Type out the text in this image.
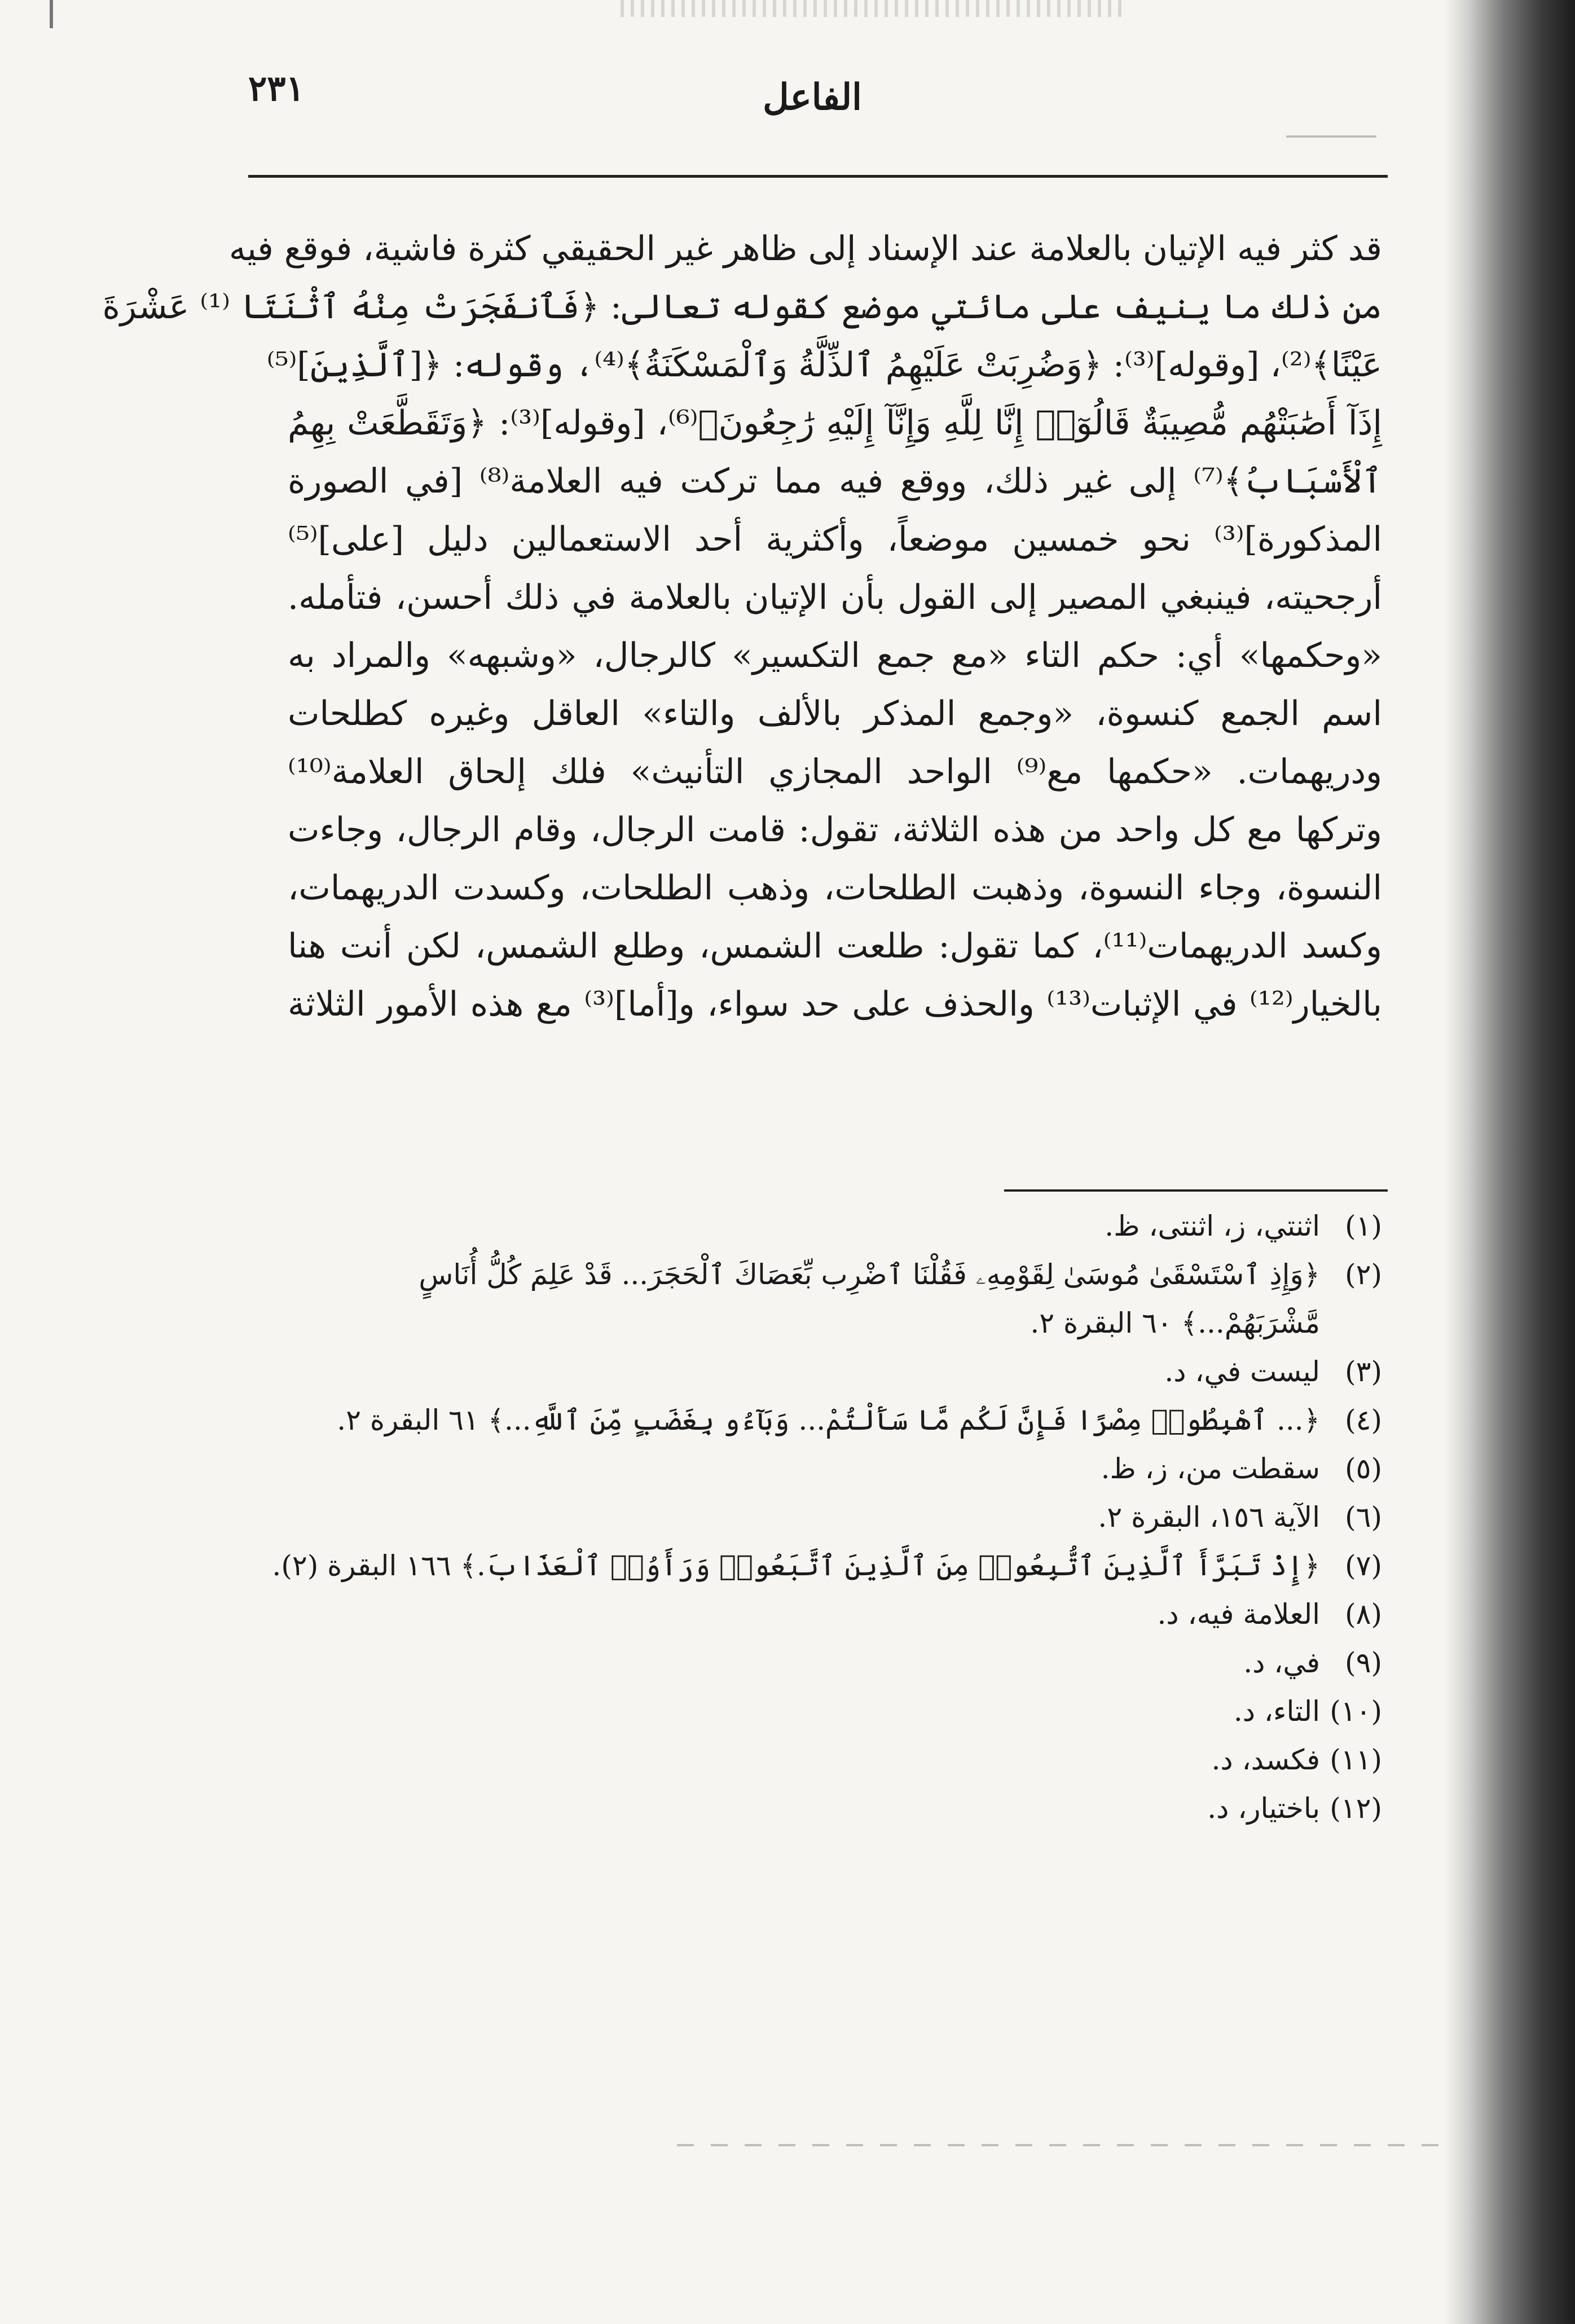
٢٣١	الفاعل
قد كثر فيه الإتيان بالعلامة عند الإسناد إلى ظاهر غير الحقيقي كثرة فاشية، فوقع فيه
من ذلك ما ينيف على مائتي موضع كقوله تعالى: ﴿فَٱنفَجَرَتْ مِنْهُ ٱثْنَتَا ⁽¹⁾ عَشْرَةَ
عَيْنًا﴾⁽²⁾، [وقوله]⁽³⁾: ﴿وَضُرِبَتْ عَلَيْهِمُ ٱلذِّلَّةُ وَٱلْمَسْكَنَةُ﴾⁽⁴⁾، وقوله: ﴿[ٱلَّذِينَ]⁽⁵⁾
إِذَآ أَصَٰبَتْهُم مُّصِيبَةٌ قَالُوٓا۟ إِنَّا لِلَّهِ وَإِنَّآ إِلَيْهِ رَٰجِعُونَ﴾⁽⁶⁾، [وقوله]⁽³⁾: ﴿وَتَقَطَّعَتْ بِهِمُ
ٱلْأَسْبَابُ﴾⁽⁷⁾ إلى غير ذلك، ووقع فيه مما تركت فيه العلامة⁽⁸⁾ [في الصورة
المذكورة]⁽³⁾ نحو خمسين موضعاً، وأكثرية أحد الاستعمالين دليل [على]⁽⁵⁾
أرجحيته، فينبغي المصير إلى القول بأن الإتيان بالعلامة في ذلك أحسن، فتأمله.
«وحكمها» أي: حكم التاء «مع جمع التكسير» كالرجال، «وشبهه» والمراد به
اسم الجمع كنسوة، «وجمع المذكر بالألف والتاء» العاقل وغيره كطلحات
ودريهمات. «حكمها مع⁽⁹⁾ الواحد المجازي التأنيث» فلك إلحاق العلامة⁽¹⁰⁾
وتركها مع كل واحد من هذه الثلاثة، تقول: قامت الرجال، وقام الرجال، وجاءت
النسوة، وجاء النسوة، وذهبت الطلحات، وذهب الطلحات، وكسدت الدريهمات،
وكسد الدريهمات⁽¹¹⁾، كما تقول: طلعت الشمس، وطلع الشمس، لكن أنت هنا
بالخيار⁽¹²⁾ في الإثبات⁽¹³⁾ والحذف على حد سواء، و[أما]⁽³⁾ مع هذه الأمور الثلاثة
(١)
اثنتي، ز، اثنتى، ظ.
(٢)
﴿وَإِذِ ٱسْتَسْقَىٰ مُوسَىٰ لِقَوْمِهِۦ فَقُلْنَا ٱضْرِب بِّعَصَاكَ ٱلْحَجَرَ... قَدْ عَلِمَ كُلُّ أُنَاسٍ
مَّشْرَبَهُمْ...﴾ ٦٠ البقرة ٢.
(٣)
ليست في، د.
(٤)
﴿... ٱهْبِطُوا۟ مِصْرًا فَإِنَّ لَكُم مَّا سَأَلْتُمْ... وَبَآءُو بِغَضَبٍ مِّنَ ٱللَّهِ...﴾ ٦١ البقرة ٢.
(٥)
سقطت من، ز، ظ.
(٦)
الآية ١٥٦، البقرة ٢.
(٧)
﴿إِذْ تَبَرَّأَ ٱلَّذِينَ ٱتُّبِعُوا۟ مِنَ ٱلَّذِينَ ٱتَّبَعُوا۟ وَرَأَوُا۟ ٱلْعَذَابَ.﴾ ١٦٦ البقرة (٢).
(٨)
العلامة فيه، د.
(٩)
في، د.
(١٠)
التاء، د.
(١١)
فكسد، د.
(١٢)
باختيار، د.
